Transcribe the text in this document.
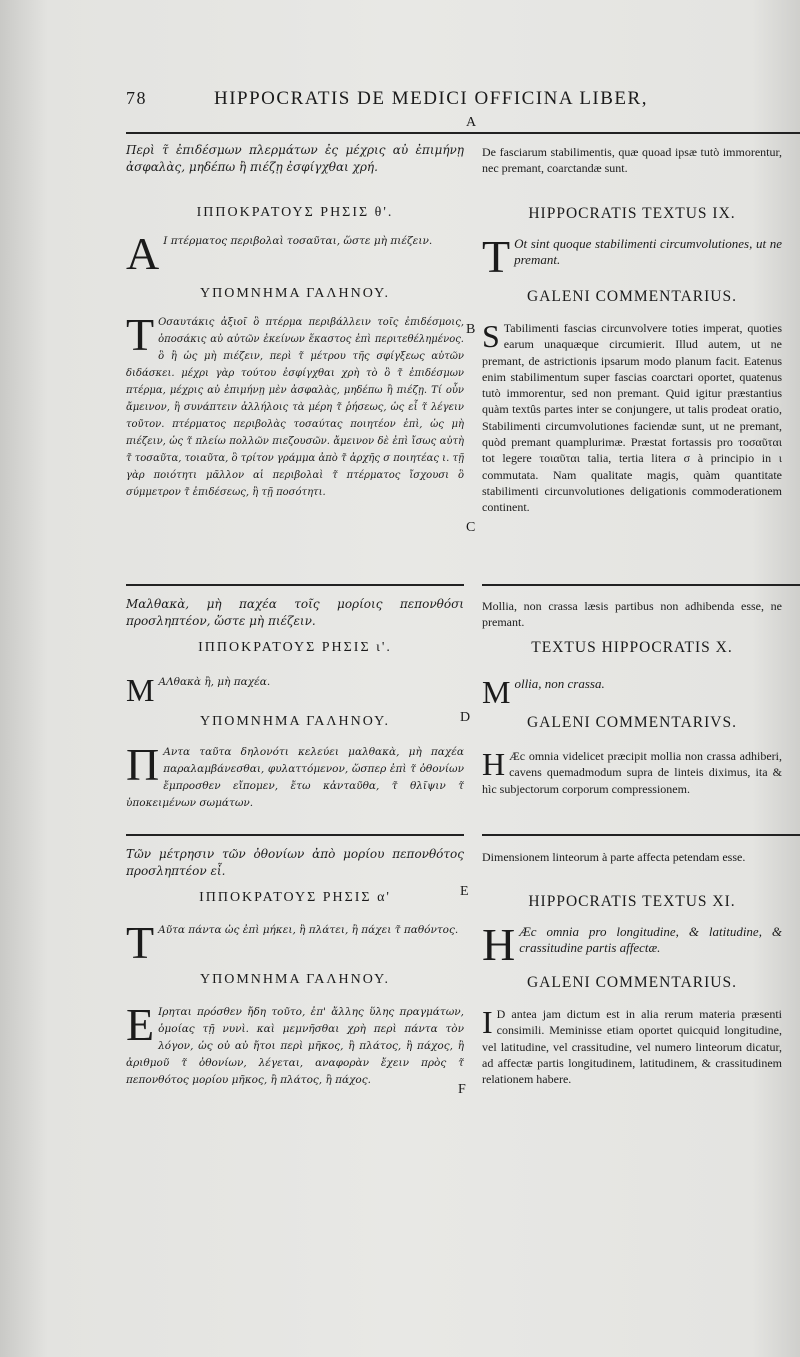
78	HIPPOCRATIS DE MEDICI OFFICINA LIBER,
A
Περὶ τ̃ ἐπιδέσμων πλερμάτων ἐς μέχρις αὐ ἐπιμήνῃ ἀσφαλὰς, μηδέπω ἢ πιέζῃ ἐσφίγχθαι χρή.
De fasciarum stabilimentis, quæ quoad ipsæ tutò immorentur, nec premant, coarctandæ sunt.
ΙΠΠΟΚΡΑΤΟΥΣ ΡΗΣΙΣ θ'.	HIPPOCRATIS TEXTUS IX.
A Ι πτέρματος περιβολαὶ τοσαῦται, ὥστε μὴ πιέζειν.	T Ot sint quoque stabilimenti circumvolutiones, ut ne premant.
ΥΠΟΜΝΗΜΑ ΓΑΛΗΝΟΥ.	GALENI COMMENTARIUS.
B
T Οσαυτάκις ἀξιοῖ ὃ πτέρμα περιβάλλειν τοῖς ἐπιδέσμοις, ὁποσάκις αὐ αὐτῶν ἐκείνων ἕκαστος ἐπὶ περιτεθέλημένος. ὃ ἢ ὡς μὴ πιέζειν, περὶ τ̃ μέτρου τῆς σφίγξεως αὐτῶν διδάσκει. μέχρι γὰρ τούτου ἐσφίγχθαι χρὴ τὸ ὃ τ̃ ἐπιδέσμων πτέρμα, μέχρις αὐ ἐπιμήνῃ μὲν ἀσφαλὰς, μηδέπω ἢ πιέζῃ. Τί οὖν ἄμεινον, ἢ συνάπτειν ἀλλήλοις τὰ μέρη τ̃ ῥήσεως, ὡς εἶ τ̃ λέγειν τοῦτον. πτέρματος περιβολὰς τοσαύτας ποιητέον ἐπὶ, ὡς μὴ πιέζειν, ὡς τ̃ πλείω πολλῶν πιεζουσῶν. ἄμεινον δὲ ἐπὶ ἴσως αὐτὴ τ̃ τοσαῦτα, τοιαῦτα, ὃ τρίτον γράμμα ἀπὸ τ̃ ἀρχῆς σ ποιητέας ι. τῇ γὰρ ποιότητι μᾶλλον αἱ περιβολαὶ τ̃ πτέρματος ἴσχουσι ὃ σύμμετρον τ̃ ἐπιδέσεως, ἢ τῇ ποσότητι.
C
S Tabilimenti fascias circunvolvere toties imperat, quoties earum unaquæque circumierit. Illud autem, ut ne premant, de astrictionis ipsarum modo planum facit. Eatenus enim stabilimentum super fascias coarctari oportet, quatenus tutò immorentur, sed non premant. Quid igitur præstantius quàm textûs partes inter se conjungere, ut talis prodeat oratio, Stabilimenti circumvolutiones faciendæ sunt, ut ne premant, quòd premant quamplurimæ. Præstat fortassis pro τοσαῦται tot legere τοιαῦται talia, tertia litera σ à principio in ι commutata. Nam qualitate magis, quàm quantitate stabilimenti circunvolutiones deligationis commoderationem continent.
Μαλθακὰ, μὴ παχέα τοῖς μορίοις πεπονθόσι προσληπτέον, ὥστε μὴ πιέζειν.
Mollia, non crassa læsis partibus non adhibenda esse, ne premant.
ΙΠΠΟΚΡΑΤΟΥΣ ΡΗΣΙΣ ι'.	TEXTUS HIPPOCRATIS X.
M ΑΛθακὰ ἢ, μὴ παχέα.	M ollia, non crassa.
ΥΠΟΜΝΗΜΑ ΓΑΛΗΝΟΥ.	D	GALENI COMMENTARIVS.
Π Αντα ταῦτα δηλονότι κελεύει μαλθακὰ, μὴ παχέα παραλαμβάνεσθαι, φυλαττόμενον, ὥσπερ ἐπὶ τ̃ ὀθονίων ἔμπροσθεν εἴπομεν, ἔτω κἀνταῦθα, τ̃ θλῖψιν τ̃ ὑποκειμένων σωμάτων.
H Æc omnia videlicet præcipit mollia non crassa adhiberi, cavens quemadmodum supra de linteis diximus, ita & hìc subjectorum corporum compressionem.
Τῶν μέτρησιν τῶν ὀθονίων ἀπὸ μορίου πεπονθότος προσληπτέον εἶ.
Dimensionem linteorum à parte affecta petendam esse.
ΙΠΠΟΚΡΑΤΟΥΣ ΡΗΣΙΣ α'	E
HIPPOCRATIS TEXTUS XI.
T Αῦτα πάντα ὡς ἐπὶ μήκει, ἢ πλάτει, ἢ πάχει τ̃ παθόντος. H Æc omnia pro longitudine, & latitudine, & crassitudine partis affectæ.
ΥΠΟΜΝΗΜΑ ΓΑΛΗΝΟΥ.	GALENI COMMENTARIUS.
E Ιρηται πρόσθεν ἤδη τοῦτο, ἐπ' ἄλλης ὕλης πραγμάτων, ὁμοίας τῇ νυνὶ. καὶ μεμνῆσθαι χρὴ περὶ πάντα τὸν λόγον, ὡς οὐ αὐ ἤτοι περὶ μῆκος, ἢ πλάτος, ἢ πάχος, ἢ ἀριθμοῦ τ̃ ὀθονίων, λέγεται, αναφορὰν ἔχειν πρὸς τ̃ πεπονθότος μορίου μῆκος, ἢ πλάτος, ἢ πάχος.
F
I D antea jam dictum est in alia rerum materia præsenti consimili. Meminisse etiam oportet quicquid longitudine, vel latitudine, vel crassitudine, vel numero linteorum dicatur, ad affectæ partis longitudinem, latitudinem, & crassitudinem relationem habere.
